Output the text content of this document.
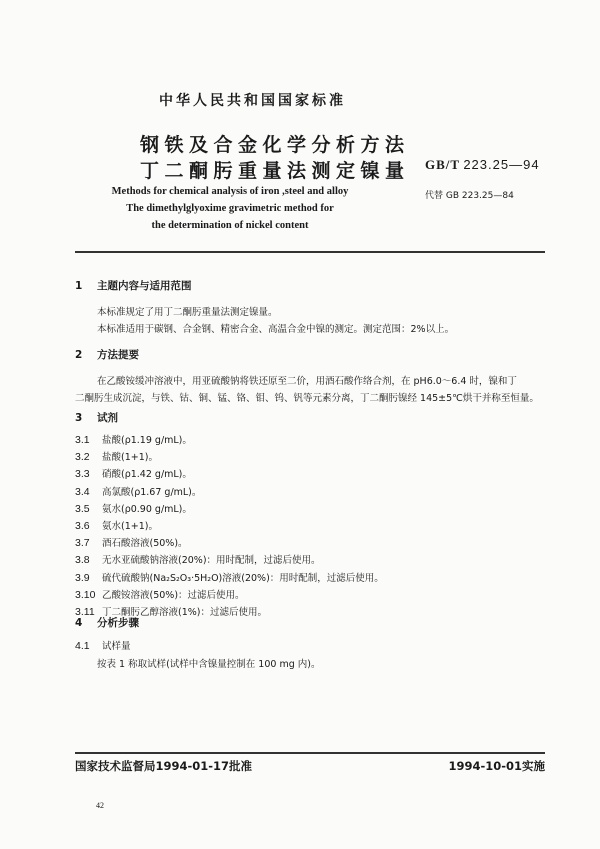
中华人民共和国国家标准
钢铁及合金化学分析方法
丁二酮肟重量法测定镍量 GB/T 223.25—94
Methods for chemical analysis of iron ,steel and alloy
The dimethylglyoxime gravimetric method for
the determination of nickel content
代替 GB 223.25—84
1 主题内容与适用范围
本标准规定了用丁二酮肟重量法测定镍量。
本标准适用于碳钢、合金钢、精密合金、高温合金中镍的测定。测定范围：2%以上。
2 方法提要
在乙酸铵缓冲溶液中，用亚硫酸钠将铁还原至二价，用酒石酸作络合剂，在 pH6.0～6.4 时，镍和丁
二酮肟生成沉淀，与铁、钴、铜、锰、铬、钼、钨、钒等元素分离，丁二酮肟镍经 145±5℃烘干并称至恒量。
3 试剂
3.1 盐酸(ρ1.19 g/mL)。
3.2 盐酸(1+1)。
3.3 硝酸(ρ1.42 g/mL)。
3.4 高氯酸(ρ1.67 g/mL)。
3.5 氨水(ρ0.90 g/mL)。
3.6 氨水(1+1)。
3.7 酒石酸溶液(50%)。
3.8 无水亚硫酸钠溶液(20%)：用时配制，过滤后使用。
3.9 硫代硫酸钠(Na₂S₂O₃·5H₂O)溶液(20%)：用时配制，过滤后使用。
3.10 乙酸铵溶液(50%)：过滤后使用。
3.11 丁二酮肟乙醇溶液(1%)：过滤后使用。
4 分析步骤
4.1 试样量
按表 1 称取试样(试样中含镍量控制在 100 mg 内)。
国家技术监督局1994-01-17批准	1994-10-01实施
42
